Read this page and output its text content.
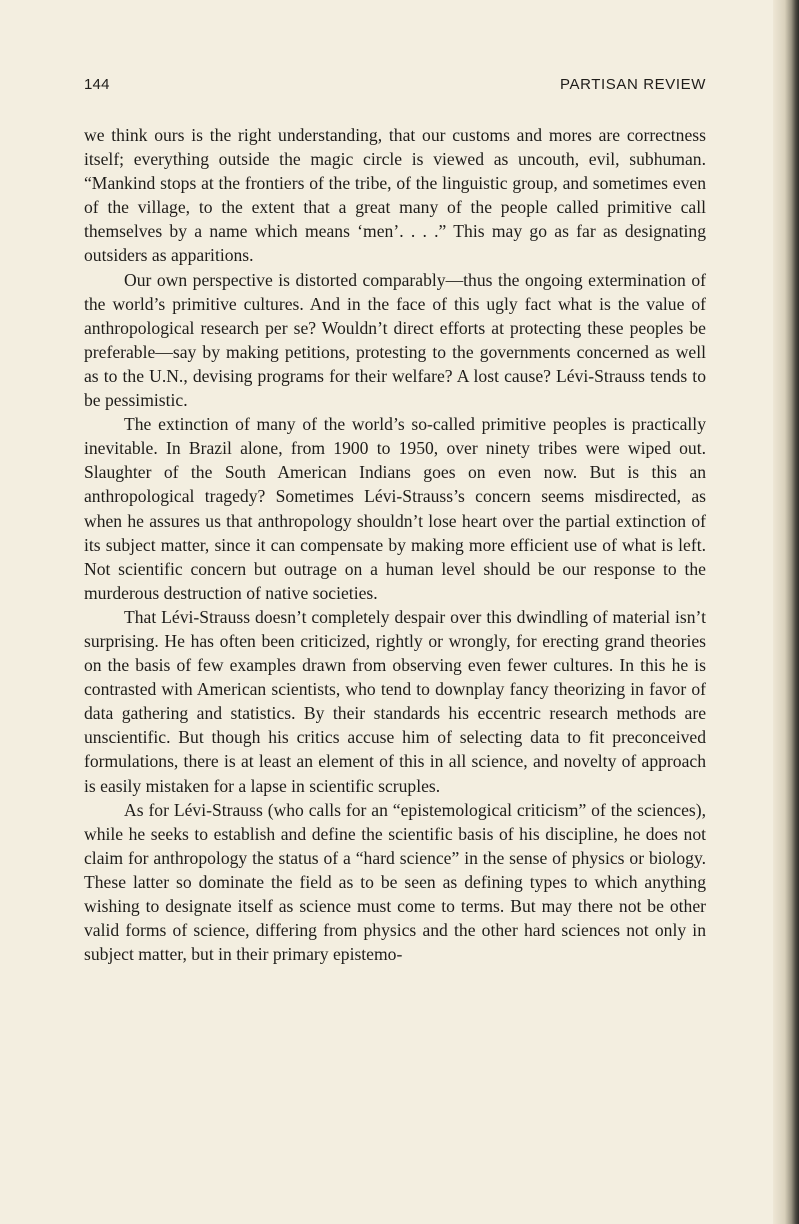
144	PARTISAN REVIEW

we think ours is the right understanding, that our customs and mores are correctness itself; everything outside the magic circle is viewed as uncouth, evil, subhuman. “Mankind stops at the frontiers of the tribe, of the linguistic group, and sometimes even of the village, to the extent that a great many of the people called primitive call themselves by a name which means ‘men’. . . .” This may go as far as designating outsiders as apparitions.

Our own perspective is distorted comparably—thus the ongoing extermination of the world’s primitive cultures. And in the face of this ugly fact what is the value of anthropological research per se? Wouldn’t direct efforts at protecting these peoples be preferable—say by making petitions, protesting to the governments concerned as well as to the U.N., devising programs for their welfare? A lost cause? Lévi-Strauss tends to be pessimistic.

The extinction of many of the world’s so-called primitive peoples is practically inevitable. In Brazil alone, from 1900 to 1950, over ninety tribes were wiped out. Slaughter of the South American Indians goes on even now. But is this an anthropological tragedy? Sometimes Lévi-Strauss’s concern seems misdirected, as when he assures us that anthropology shouldn’t lose heart over the partial extinction of its subject matter, since it can compensate by making more efficient use of what is left. Not scientific concern but outrage on a human level should be our response to the murderous destruction of native societies.

That Lévi-Strauss doesn’t completely despair over this dwindling of material isn’t surprising. He has often been criticized, rightly or wrongly, for erecting grand theories on the basis of few examples drawn from observing even fewer cultures. In this he is contrasted with American scientists, who tend to downplay fancy theorizing in favor of data gathering and statistics. By their standards his eccentric research methods are unscientific. But though his critics accuse him of selecting data to fit preconceived formulations, there is at least an element of this in all science, and novelty of approach is easily mistaken for a lapse in scientific scruples.

As for Lévi-Strauss (who calls for an “epistemological criticism” of the sciences), while he seeks to establish and define the scientific basis of his discipline, he does not claim for anthropology the status of a “hard science” in the sense of physics or biology. These latter so dominate the field as to be seen as defining types to which anything wishing to designate itself as science must come to terms. But may there not be other valid forms of science, differing from physics and the other hard sciences not only in subject matter, but in their primary epistemo-
